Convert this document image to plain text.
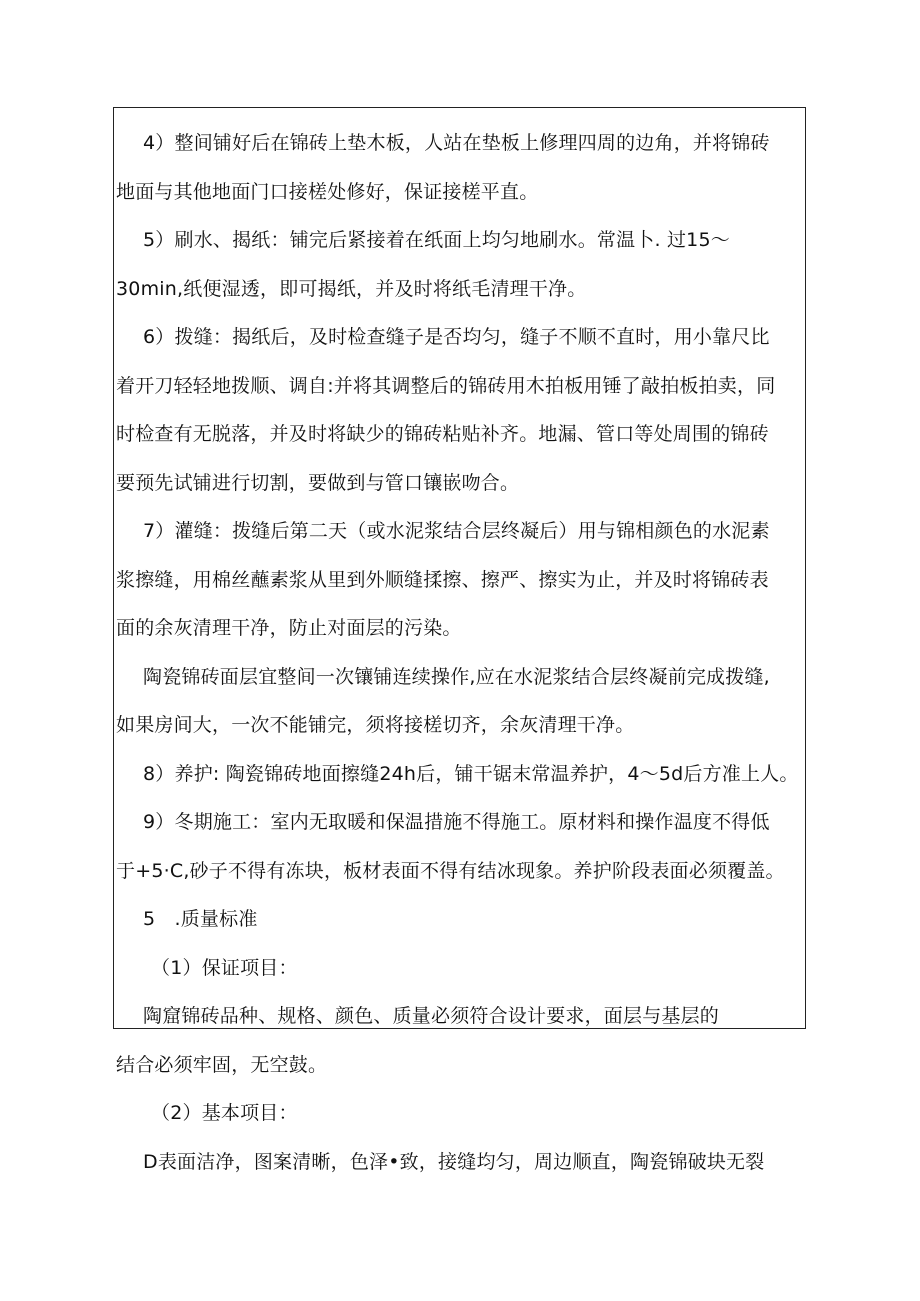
4）整间铺好后在锦砖上垫木板，人站在垫板上修理四周的边角，并将锦砖
地面与其他地面门口接槎处修好，保证接槎平直。
5）刷水、揭纸：铺完后紧接着在纸面上均匀地刷水。常温卜. 过15〜
30min,纸便湿透，即可揭纸，并及时将纸毛清理干净。
6）拨缝：揭纸后，及时检查缝子是否均匀，缝子不顺不直时，用小靠尺比
着开刀轻轻地拨顺、调自:并将其调整后的锦砖用木拍板用锤了敲拍板拍卖，同
时检查有无脱落，并及时将缺少的锦砖粘贴补齐。地漏、管口等处周围的锦砖
要预先试铺进行切割，要做到与管口镶嵌吻合。
7）灌缝：拨缝后第二天（或水泥浆结合层终凝后）用与锦相颜色的水泥素
浆擦缝，用棉丝蘸素浆从里到外顺缝揉擦、擦严、擦实为止，并及时将锦砖表
面的余灰清理干净，防止对面层的污染。
陶瓷锦砖面层宜整间一次镶铺连续操作,应在水泥浆结合层终凝前完成拨缝,
如果房间大，一次不能铺完，须将接槎切齐，余灰清理干净。
8）养护: 陶瓷锦砖地面擦缝24h后，铺干锯末常温养护，4〜5d后方准上人。
9）冬期施工：室内无取暖和保温措施不得施工。原材料和操作温度不得低
于+5·C,砂子不得有冻块，板材表面不得有结冰现象。养护阶段表面必须覆盖。
5　.质量标准
（1）保证项目：
陶窟锦砖品种、规格、颜色、质量必须符合设计要求，面层与基层的
结合必须牢固，无空鼓。
（2）基本项目：
D表面洁净，图案清晰，色泽•致，接缝均匀，周边顺直，陶瓷锦破块无裂
